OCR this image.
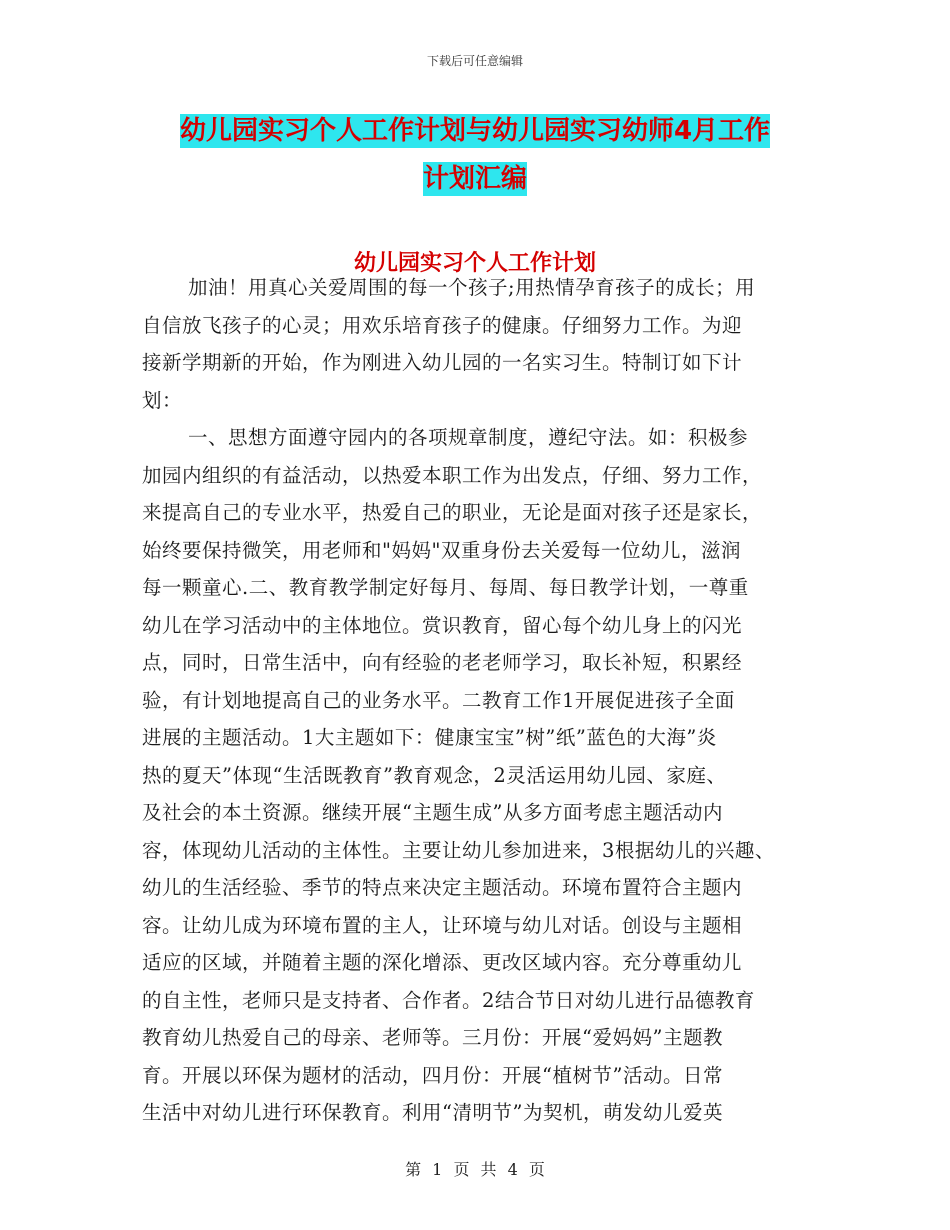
下载后可任意编辑
幼儿园实习个人工作计划与幼儿园实习幼师4月工作
计划汇编
幼儿园实习个人工作计划
加油！用真心关爱周围的每一个孩子;用热情孕育孩子的成长；用
自信放飞孩子的心灵；用欢乐培育孩子的健康。仔细努力工作。为迎
接新学期新的开始，作为刚进入幼儿园的一名实习生。特制订如下计
划：
一、思想方面遵守园内的各项规章制度，遵纪守法。如：积极参
加园内组织的有益活动，以热爱本职工作为出发点，仔细、努力工作，
来提高自己的专业水平，热爱自己的职业，无论是面对孩子还是家长，
始终要保持微笑，用老师和"妈妈"双重身份去关爱每一位幼儿，滋润
每一颗童心.二、教育教学制定好每月、每周、每日教学计划，一尊重
幼儿在学习活动中的主体地位。赏识教育，留心每个幼儿身上的闪光
点，同时，日常生活中，向有经验的老老师学习，取长补短，积累经
验，有计划地提高自己的业务水平。二教育工作1开展促进孩子全面
进展的主题活动。1大主题如下：健康宝宝”树”纸”蓝色的大海”炎
热的夏天”体现“生活既教育”教育观念，2灵活运用幼儿园、家庭、
及社会的本土资源。继续开展“主题生成”从多方面考虑主题活动内
容，体现幼儿活动的主体性。主要让幼儿参加进来，3根据幼儿的兴趣、
幼儿的生活经验、季节的特点来决定主题活动。环境布置符合主题内
容。让幼儿成为环境布置的主人，让环境与幼儿对话。创设与主题相
适应的区域，并随着主题的深化增添、更改区域内容。充分尊重幼儿
的自主性，老师只是支持者、合作者。2结合节日对幼儿进行品德教育
教育幼儿热爱自己的母亲、老师等。三月份：开展“爱妈妈”主题教
育。开展以环保为题材的活动，四月份：开展“植树节”活动。日常
生活中对幼儿进行环保教育。利用“清明节”为契机，萌发幼儿爱英
第 1 页 共 4 页
